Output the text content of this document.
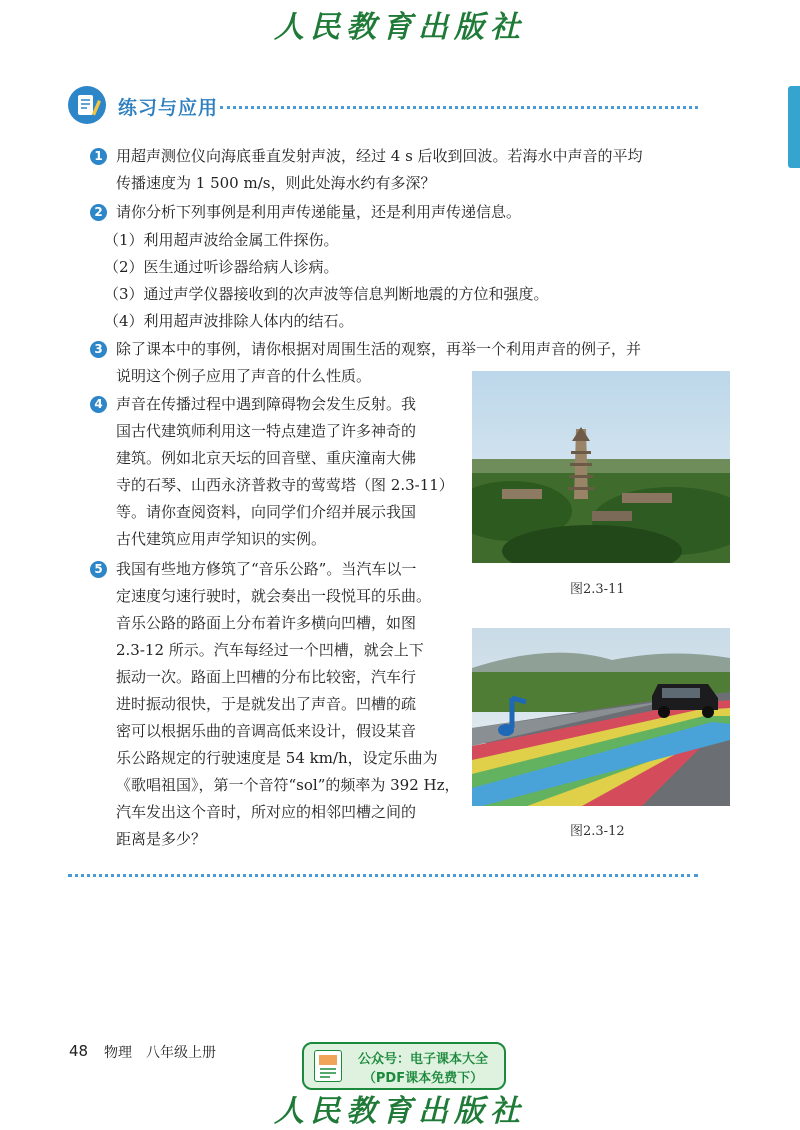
人民教育出版社
练习与应用
1 用超声测位仪向海底垂直发射声波，经过 4 s 后收到回波。若海水中声音的平均
传播速度为 1 500 m/s，则此处海水约有多深？
2 请你分析下列事例是利用声传递能量，还是利用声传递信息。
（1）利用超声波给金属工件探伤。
（2）医生通过听诊器给病人诊病。
（3）通过声学仪器接收到的次声波等信息判断地震的方位和强度。
（4）利用超声波排除人体内的结石。
3 除了课本中的事例，请你根据对周围生活的观察，再举一个利用声音的例子，并
说明这个例子应用了声音的什么性质。
4 声音在传播过程中遇到障碍物会发生反射。我
国古代建筑师利用这一特点建造了许多神奇的
建筑。例如北京天坛的回音壁、重庆潼南大佛
寺的石琴、山西永济普救寺的莺莺塔（图 2.3-11）
等。请你查阅资料，向同学们介绍并展示我国
古代建筑应用声学知识的实例。
5 我国有些地方修筑了“音乐公路”。当汽车以一
定速度匀速行驶时，就会奏出一段悦耳的乐曲。
音乐公路的路面上分布着许多横向凹槽，如图
2.3-12 所示。汽车每经过一个凹槽，就会上下
振动一次。路面上凹槽的分布比较密，汽车行
进时振动很快，于是就发出了声音。凹槽的疏
密可以根据乐曲的音调高低来设计，假设某音
乐公路规定的行驶速度是 54 km/h，设定乐曲为
《歌唱祖国》，第一个音符“sol”的频率为 392 Hz，
汽车发出这个音时，所对应的相邻凹槽之间的
距离是多少？
图2.3-11
图2.3-12
48 物理　八年级上册	公众号：电子课本大全
（PDF课本免费下）
人民教育出版社
